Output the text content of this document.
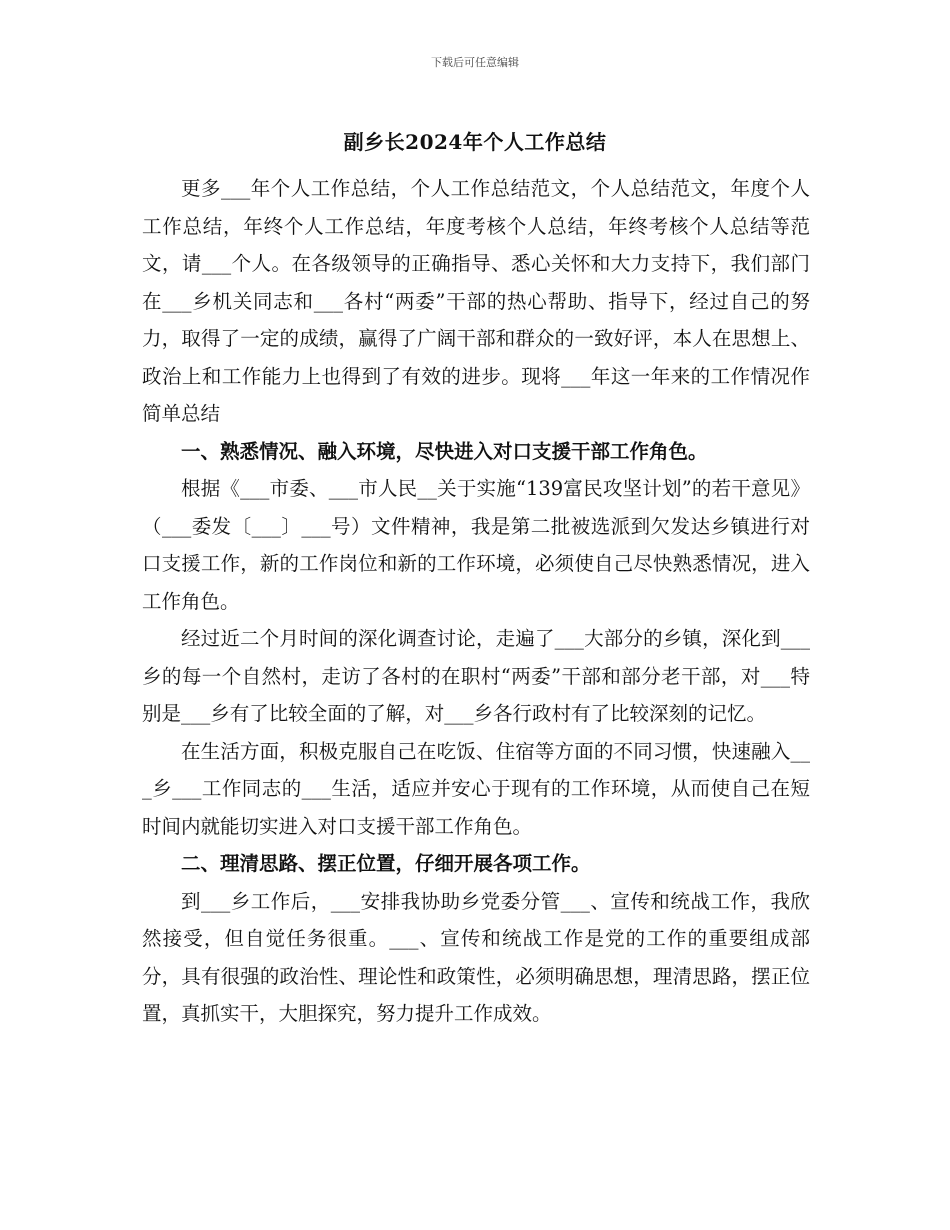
下载后可任意编辑
副乡长2024年个人工作总结

更多___年个人工作总结，个人工作总结范文，个人总结范文，年度个人工作总结，年终个人工作总结，年度考核个人总结，年终考核个人总结等范文，请___个人。在各级领导的正确指导、悉心关怀和大力支持下，我们部门在___乡机关同志和___各村“两委”干部的热心帮助、指导下，经过自己的努力，取得了一定的成绩，赢得了广阔干部和群众的一致好评，本人在思想上、政治上和工作能力上也得到了有效的进步。现将___年这一年来的工作情况作简单总结

一、熟悉情况、融入环境，尽快进入对口支援干部工作角色。

根据《___市委、___市人民__关于实施“139富民攻坚计划”的若干意见》（___委发〔___〕___号）文件精神，我是第二批被选派到欠发达乡镇进行对口支援工作，新的工作岗位和新的工作环境，必须使自己尽快熟悉情况，进入工作角色。

经过近二个月时间的深化调查讨论，走遍了___大部分的乡镇，深化到___乡的每一个自然村，走访了各村的在职村“两委”干部和部分老干部，对___特别是___乡有了比较全面的了解，对___乡各行政村有了比较深刻的记忆。

在生活方面，积极克服自己在吃饭、住宿等方面的不同习惯，快速融入___乡___工作同志的___生活，适应并安心于现有的工作环境，从而使自己在短时间内就能切实进入对口支援干部工作角色。

二、理清思路、摆正位置，仔细开展各项工作。

到___乡工作后，___安排我协助乡党委分管___、宣传和统战工作，我欣然接受，但自觉任务很重。___、宣传和统战工作是党的工作的重要组成部分，具有很强的政治性、理论性和政策性，必须明确思想，理清思路，摆正位置，真抓实干，大胆探究，努力提升工作成效。
